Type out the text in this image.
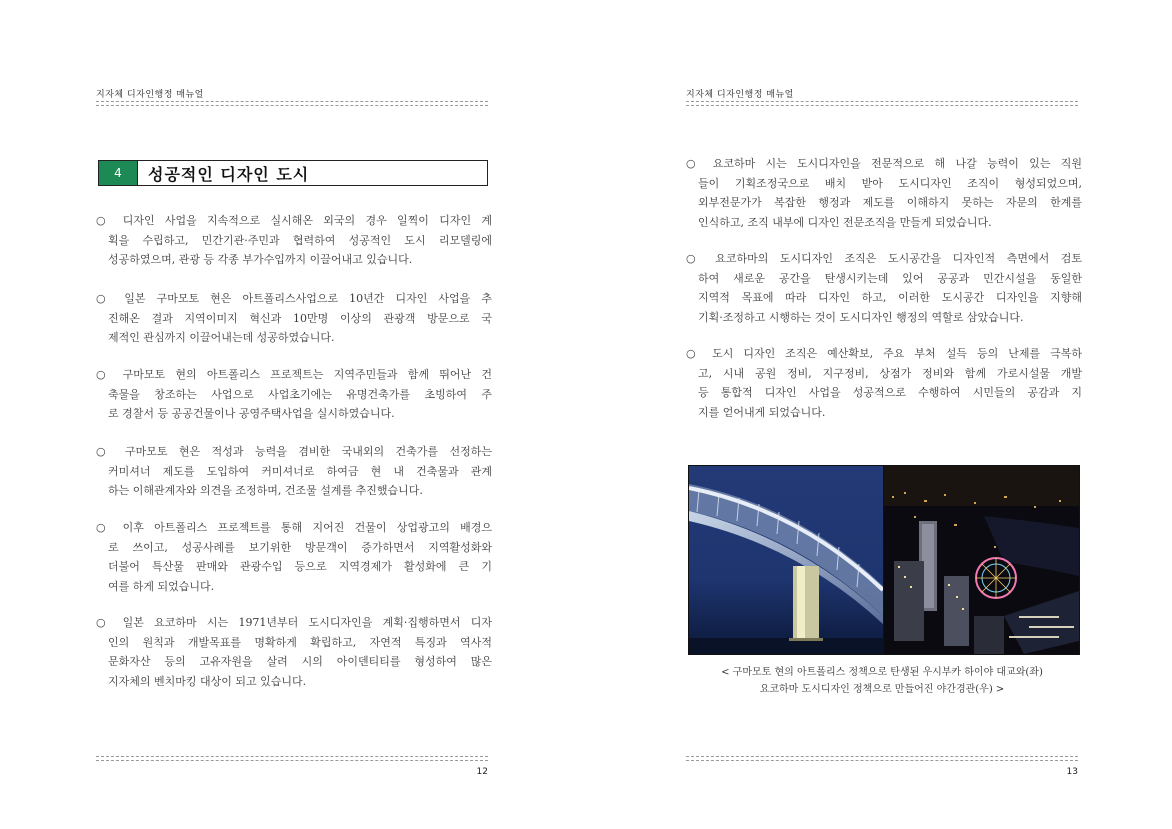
지자체 디자인행정 매뉴얼
4	성공적인 디자인 도시
○ 디자인 사업을 지속적으로 실시해온 외국의 경우 일찍이 디자인 계
획을 수립하고, 민간기관·주민과 협력하여 성공적인 도시 리모델링에
성공하였으며, 관광 등 각종 부가수입까지 이끌어내고 있습니다.
○ 일본 구마모토 현은 아트폴리스사업으로 10년간 디자인 사업을 추
진해온 결과 지역이미지 혁신과 10만명 이상의 관광객 방문으로 국
제적인 관심까지 이끌어내는데 성공하였습니다.
○ 구마모토 현의 아트폴리스 프로젝트는 지역주민들과 함께 뛰어난 건
축물을 창조하는 사업으로 사업초기에는 유명건축가를 초빙하여 주
로 경찰서 등 공공건물이나 공영주택사업을 실시하였습니다.
○ 구마모토 현은 적성과 능력을 겸비한 국내외의 건축가를 선정하는
커미셔너 제도를 도입하여 커미셔너로 하여금 현 내 건축물과 관계
하는 이해관계자와 의견을 조정하며, 건조물 설계를 추진했습니다.
○ 이후 아트폴리스 프로젝트를 통해 지어진 건물이 상업광고의 배경으
로 쓰이고, 성공사례를 보기위한 방문객이 증가하면서 지역활성화와
더불어 특산물 판매와 관광수입 등으로 지역경제가 활성화에 큰 기
여를 하게 되었습니다.
○ 일본 요코하마 시는 1971년부터 도시디자인을 계획·집행하면서 디자
인의 원칙과 개발목표를 명확하게 확립하고, 자연적 특징과 역사적
문화자산 등의 고유자원을 살려 시의 아이덴티티를 형성하여 많은
지자체의 벤치마킹 대상이 되고 있습니다.
12
지자체 디자인행정 매뉴얼
○ 요코하마 시는 도시디자인을 전문적으로 해 나갈 능력이 있는 직원
들이 기획조정국으로 배치 받아 도시디자인 조직이 형성되었으며,
외부전문가가 복잡한 행정과 제도를 이해하지 못하는 자문의 한계를
인식하고, 조직 내부에 디자인 전문조직을 만들게 되었습니다.
○ 요코하마의 도시디자인 조직은 도시공간을 디자인적 측면에서 검토
하여 새로운 공간을 탄생시키는데 있어 공공과 민간시설을 동일한
지역적 목표에 따라 디자인 하고, 이러한 도시공간 디자인을 지향해
기획·조정하고 시행하는 것이 도시디자인 행정의 역할로 삼았습니다.
○ 도시 디자인 조직은 예산확보, 주요 부처 설득 등의 난제를 극복하
고, 시내 공원 정비, 지구정비, 상점가 정비와 함께 가로시설물 개발
등 통합적 디자인 사업을 성공적으로 수행하여 시민들의 공감과 지
지를 얻어내게 되었습니다.
< 구마모토 현의 아트폴리스 정책으로 탄생된 우시부카 하이야 대교와(좌)
요코하마 도시디자인 정책으로 만들어진 야간경관(우) >
13
